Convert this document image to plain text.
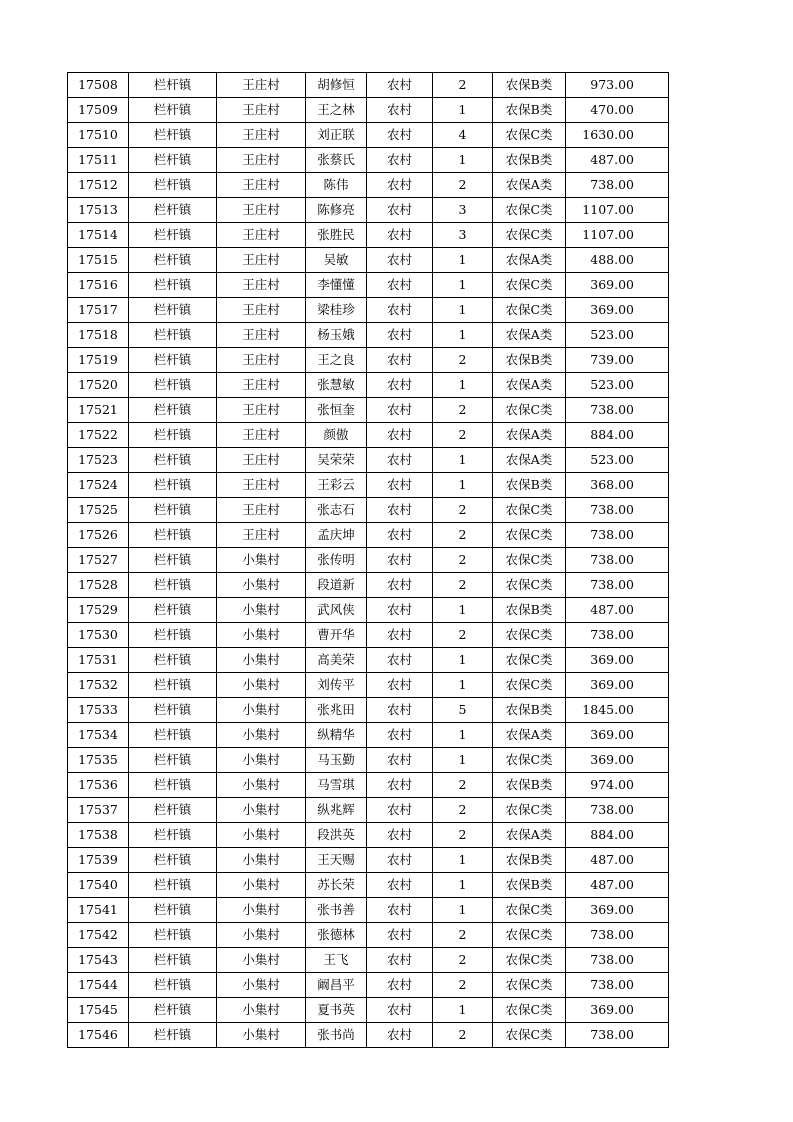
17508	栏杆镇	王庄村	胡修恒	农村	2	农保B类	973.00
17509	栏杆镇	王庄村	王之林	农村	1	农保B类	470.00
17510	栏杆镇	王庄村	刘正联	农村	4	农保C类	1630.00
17511	栏杆镇	王庄村	张蔡氏	农村	1	农保B类	487.00
17512	栏杆镇	王庄村	陈伟	农村	2	农保A类	738.00
17513	栏杆镇	王庄村	陈修亮	农村	3	农保C类	1107.00
17514	栏杆镇	王庄村	张胜民	农村	3	农保C类	1107.00
17515	栏杆镇	王庄村	吴敏	农村	1	农保A类	488.00
17516	栏杆镇	王庄村	李懂懂	农村	1	农保C类	369.00
17517	栏杆镇	王庄村	梁桂珍	农村	1	农保C类	369.00
17518	栏杆镇	王庄村	杨玉娥	农村	1	农保A类	523.00
17519	栏杆镇	王庄村	王之良	农村	2	农保B类	739.00
17520	栏杆镇	王庄村	张慧敏	农村	1	农保A类	523.00
17521	栏杆镇	王庄村	张恒奎	农村	2	农保C类	738.00
17522	栏杆镇	王庄村	颜傲	农村	2	农保A类	884.00
17523	栏杆镇	王庄村	吴荣荣	农村	1	农保A类	523.00
17524	栏杆镇	王庄村	王彩云	农村	1	农保B类	368.00
17525	栏杆镇	王庄村	张志石	农村	2	农保C类	738.00
17526	栏杆镇	王庄村	孟庆坤	农村	2	农保C类	738.00
17527	栏杆镇	小集村	张传明	农村	2	农保C类	738.00
17528	栏杆镇	小集村	段道新	农村	2	农保C类	738.00
17529	栏杆镇	小集村	武风侠	农村	1	农保B类	487.00
17530	栏杆镇	小集村	曹开华	农村	2	农保C类	738.00
17531	栏杆镇	小集村	高美荣	农村	1	农保C类	369.00
17532	栏杆镇	小集村	刘传平	农村	1	农保C类	369.00
17533	栏杆镇	小集村	张兆田	农村	5	农保B类	1845.00
17534	栏杆镇	小集村	纵精华	农村	1	农保A类	369.00
17535	栏杆镇	小集村	马玉勤	农村	1	农保C类	369.00
17536	栏杆镇	小集村	马雪琪	农村	2	农保B类	974.00
17537	栏杆镇	小集村	纵兆辉	农村	2	农保C类	738.00
17538	栏杆镇	小集村	段洪英	农村	2	农保A类	884.00
17539	栏杆镇	小集村	王天赐	农村	1	农保B类	487.00
17540	栏杆镇	小集村	苏长荣	农村	1	农保B类	487.00
17541	栏杆镇	小集村	张书善	农村	1	农保C类	369.00
17542	栏杆镇	小集村	张德林	农村	2	农保C类	738.00
17543	栏杆镇	小集村	王飞	农村	2	农保C类	738.00
17544	栏杆镇	小集村	阚昌平	农村	2	农保C类	738.00
17545	栏杆镇	小集村	夏书英	农村	1	农保C类	369.00
17546	栏杆镇	小集村	张书尚	农村	2	农保C类	738.00
